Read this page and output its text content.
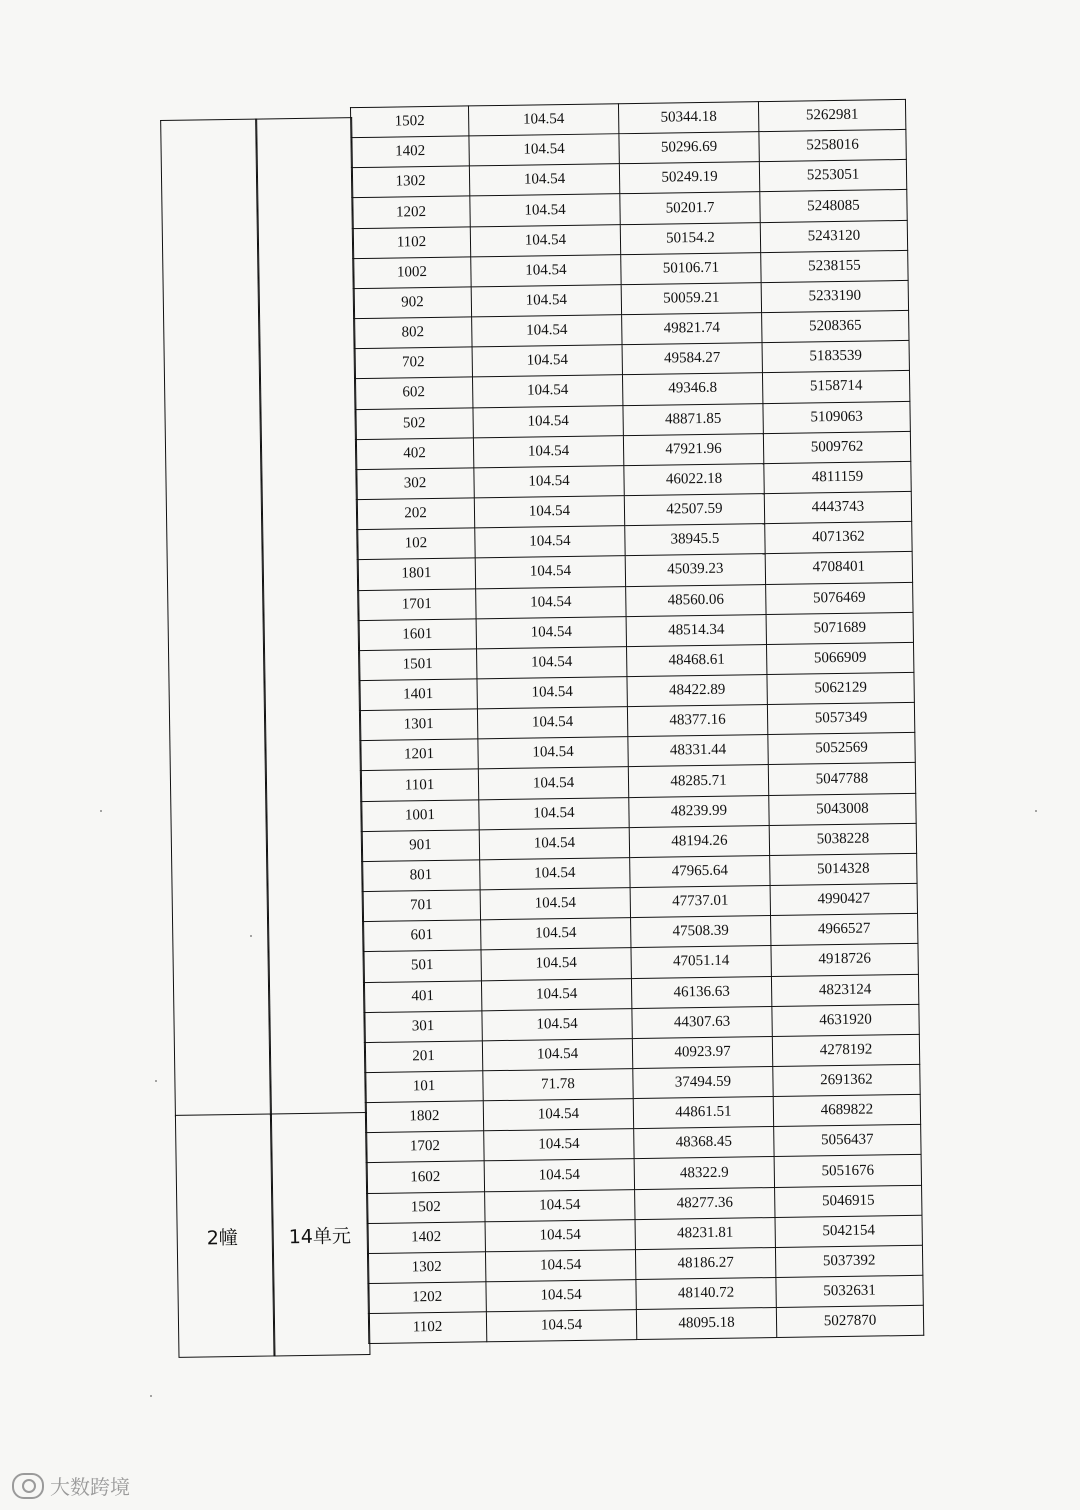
2幢	14单元
1502	104.54	50344.18	5262981
1402	104.54	50296.69	5258016
1302	104.54	50249.19	5253051
1202	104.54	50201.7	5248085
1102	104.54	50154.2	5243120
1002	104.54	50106.71	5238155
902	104.54	50059.21	5233190
802	104.54	49821.74	5208365
702	104.54	49584.27	5183539
602	104.54	49346.8	5158714
502	104.54	48871.85	5109063
402	104.54	47921.96	5009762
302	104.54	46022.18	4811159
202	104.54	42507.59	4443743
102	104.54	38945.5	4071362
1801	104.54	45039.23	4708401
1701	104.54	48560.06	5076469
1601	104.54	48514.34	5071689
1501	104.54	48468.61	5066909
1401	104.54	48422.89	5062129
1301	104.54	48377.16	5057349
1201	104.54	48331.44	5052569
1101	104.54	48285.71	5047788
1001	104.54	48239.99	5043008
901	104.54	48194.26	5038228
801	104.54	47965.64	5014328
701	104.54	47737.01	4990427
601	104.54	47508.39	4966527
501	104.54	47051.14	4918726
401	104.54	46136.63	4823124
301	104.54	44307.63	4631920
201	104.54	40923.97	4278192
101	71.78	37494.59	2691362
1802	104.54	44861.51	4689822
1702	104.54	48368.45	5056437
1602	104.54	48322.9	5051676
1502	104.54	48277.36	5046915
1402	104.54	48231.81	5042154
1302	104.54	48186.27	5037392
1202	104.54	48140.72	5032631
1102	104.54	48095.18	5027870
大数跨境
